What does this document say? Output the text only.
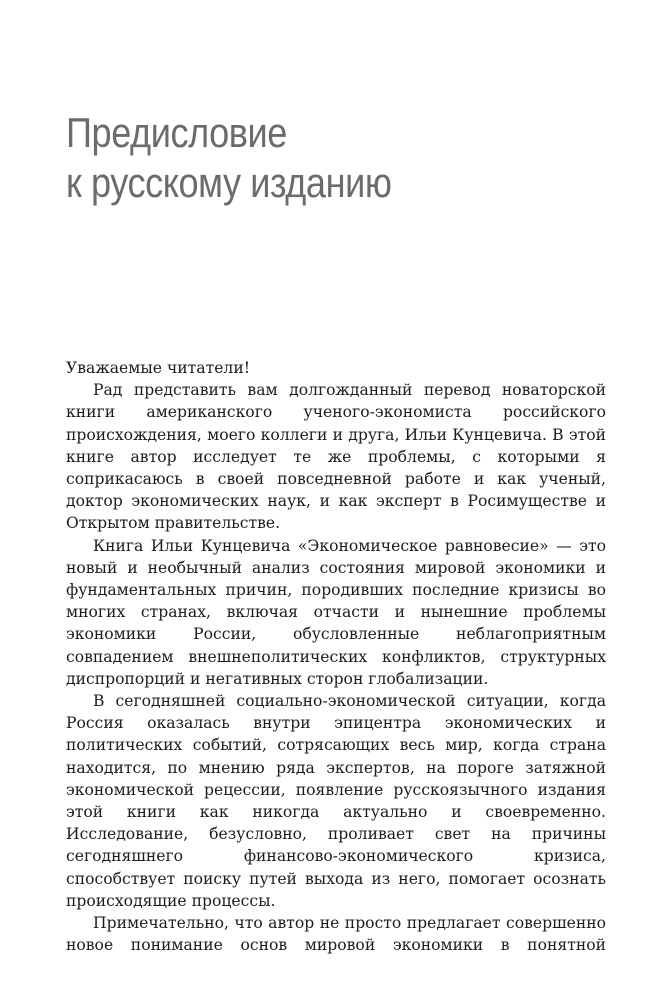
Предисловие
к русскому изданию

Уважаемые читатели!

Рад представить вам долгожданный перевод новаторской книги американского ученого-экономиста российского происхождения, моего коллеги и друга, Ильи Кунцевича. В этой книге автор исследует те же проблемы, с которыми я соприкасаюсь в своей повседневной работе и как ученый, доктор экономических наук, и как эксперт в Росимуществе и Открытом правительстве.

Книга Ильи Кунцевича «Экономическое равновесие» — это новый и необычный анализ состояния мировой экономики и фундаментальных причин, породивших последние кризисы во многих странах, включая отчасти и нынешние проблемы экономики России, обусловленные неблагоприятным совпадением внешнеполитических конфликтов, структурных диспропорций и негативных сторон глобализации.

В сегодняшней социально-экономической ситуации, когда Россия оказалась внутри эпицентра экономических и политических событий, сотрясающих весь мир, когда страна находится, по мнению ряда экспертов, на пороге затяжной экономической рецессии, появление русскоязычного издания этой книги как никогда актуально и своевременно. Исследование, безусловно, проливает свет на причины сегодняшнего финансово-экономического кризиса, способствует поиску путей выхода из него, помогает осознать происходящие процессы.

Примечательно, что автор не просто предлагает совершенно новое понимание основ мировой экономики в понятной
